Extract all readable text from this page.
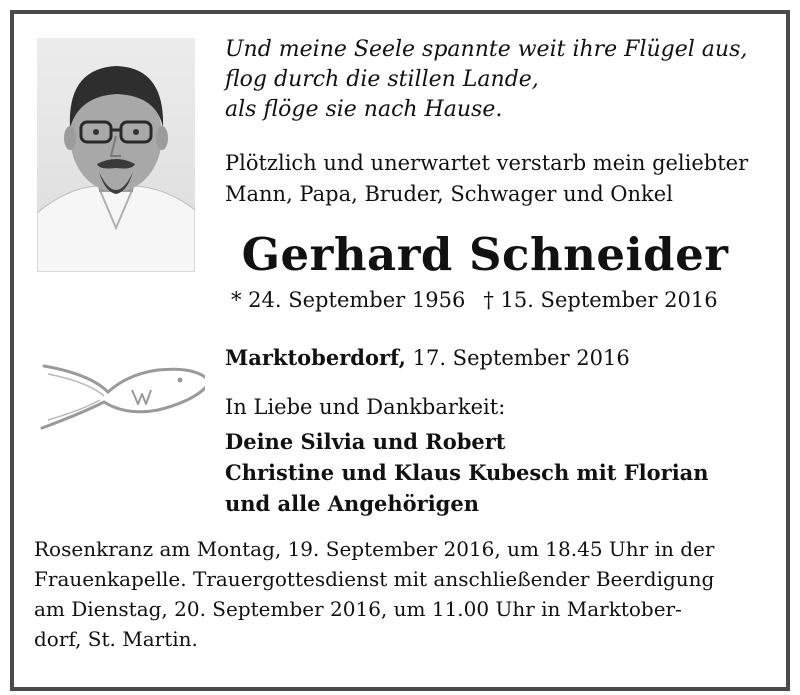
Und meine Seele spannte weit ihre Flügel aus,
flog durch die stillen Lande,
als flöge sie nach Hause.
Plötzlich und unerwartet verstarb mein geliebter
Mann, Papa, Bruder, Schwager und Onkel
Gerhard Schneider
* 24. September 1956 † 15. September 2016
Marktoberdorf, 17. September 2016
In Liebe und Dankbarkeit:
Deine Silvia und Robert
Christine und Klaus Kubesch mit Florian
und alle Angehörigen
Rosenkranz am Montag, 19. September 2016, um 18.45 Uhr in der
Frauenkapelle. Trauergottesdienst mit anschließender Beerdigung
am Dienstag, 20. September 2016, um 11.00 Uhr in Marktober-
dorf, St. Martin.
